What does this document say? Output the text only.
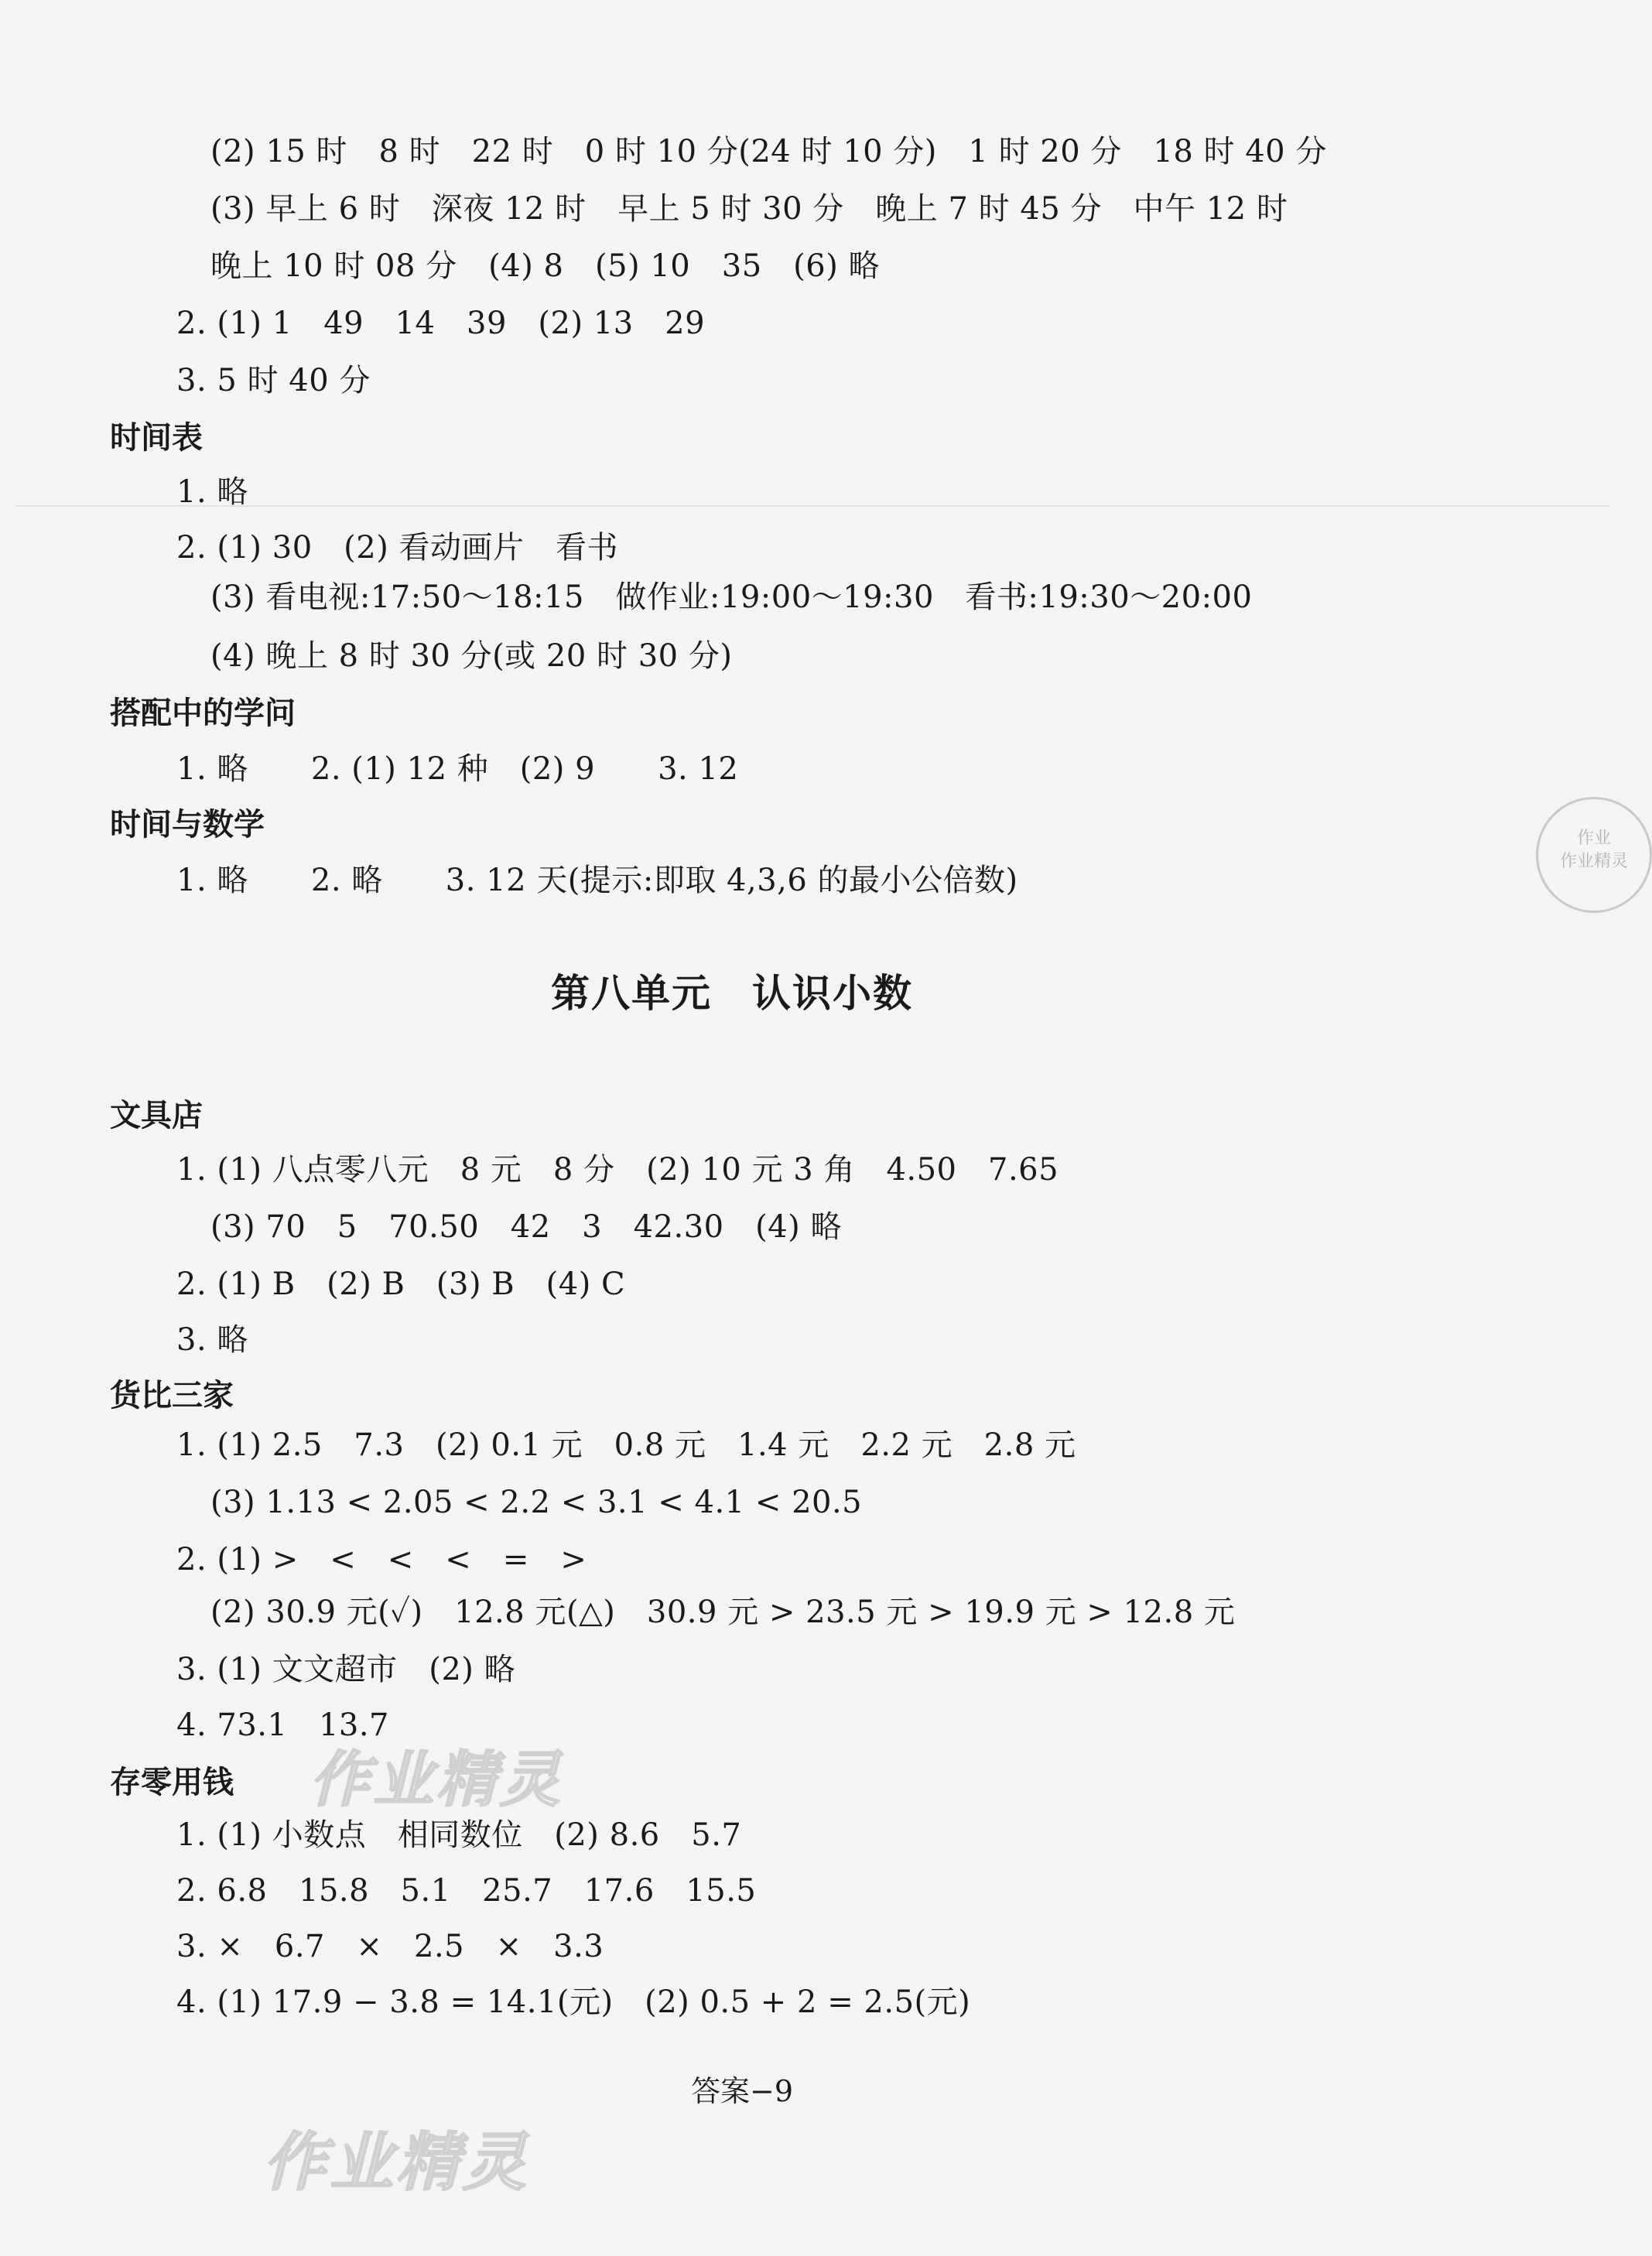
(2) 15 时　8 时　22 时　0 时 10 分(24 时 10 分)　1 时 20 分　18 时 40 分
(3) 早上 6 时　深夜 12 时　早上 5 时 30 分　晚上 7 时 45 分　中午 12 时
晚上 10 时 08 分　(4) 8　(5) 10　35　(6) 略
2. (1) 1　49　14　39　(2) 13　29
3. 5 时 40 分
时间表
1. 略
2. (1) 30　(2) 看动画片　看书
(3) 看电视:17:50～18:15　做作业:19:00～19:30　看书:19:30～20:00
(4) 晚上 8 时 30 分(或 20 时 30 分)
搭配中的学问
1. 略　　2. (1) 12 种　(2) 9　　3. 12
时间与数学
1. 略　　2. 略　　3. 12 天(提示:即取 4,3,6 的最小公倍数)
第八单元　认识小数
文具店
1. (1) 八点零八元　8 元　8 分　(2) 10 元 3 角　4.50　7.65
(3) 70　5　70.50　42　3　42.30　(4) 略
2. (1) B　(2) B　(3) B　(4) C
3. 略
货比三家
1. (1) 2.5　7.3　(2) 0.1 元　0.8 元　1.4 元　2.2 元　2.8 元
(3) 1.13 < 2.05 < 2.2 < 3.1 < 4.1 < 20.5
2. (1) >　<　<　<　=　>
(2) 30.9 元(✓)　12.8 元(△)　30.9 元 > 23.5 元 > 19.9 元 > 12.8 元
3. (1) 文文超市　(2) 略
4. 73.1　13.7
存零用钱
1. (1) 小数点　相同数位　(2) 8.6　5.7
2. 6.8　15.8　5.1　25.7　17.6　15.5
3. ×　6.7　×　2.5　×　3.3
4. (1) 17.9 − 3.8 = 14.1(元)　(2) 0.5 + 2 = 2.5(元)
答案−9
作业
作业精灵
作业精灵
作业精灵
